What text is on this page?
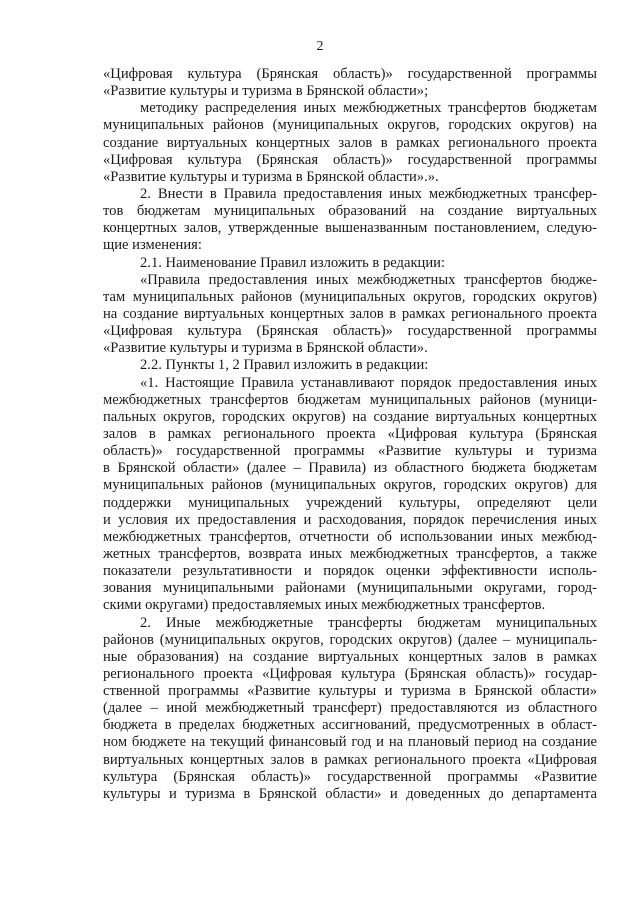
2
«Цифровая культура (Брянская область)» государственной программы
«Развитие культуры и туризма в Брянской области»;
методику распределения иных межбюджетных трансфертов бюджетам
муниципальных районов (муниципальных округов, городских округов) на
создание виртуальных концертных залов в рамках регионального проекта
«Цифровая культура (Брянская область)» государственной программы
«Развитие культуры и туризма в Брянской области».».
2. Внести в Правила предоставления иных межбюджетных трансфер-
тов бюджетам муниципальных образований на создание виртуальных
концертных залов, утвержденные вышеназванным постановлением, следую-
щие изменения:
2.1. Наименование Правил изложить в редакции:
«Правила предоставления иных межбюджетных трансфертов бюдже-
там муниципальных районов (муниципальных округов, городских округов)
на создание виртуальных концертных залов в рамках регионального проекта
«Цифровая культура (Брянская область)» государственной программы
«Развитие культуры и туризма в Брянской области».
2.2. Пункты 1, 2 Правил изложить в редакции:
«1. Настоящие Правила устанавливают порядок предоставления иных
межбюджетных трансфертов бюджетам муниципальных районов (муници-
пальных округов, городских округов) на создание виртуальных концертных
залов в рамках регионального проекта «Цифровая культура (Брянская
область)» государственной программы «Развитие культуры и туризма
в Брянской области» (далее – Правила) из областного бюджета бюджетам
муниципальных районов (муниципальных округов, городских округов) для
поддержки муниципальных учреждений культуры, определяют цели
и условия их предоставления и расходования, порядок перечисления иных
межбюджетных трансфертов, отчетности об использовании иных межбюд-
жетных трансфертов, возврата иных межбюджетных трансфертов, а также
показатели результативности и порядок оценки эффективности исполь-
зования муниципальными районами (муниципальными округами, город-
скими округами) предоставляемых иных межбюджетных трансфертов.
2. Иные межбюджетные трансферты бюджетам муниципальных
районов (муниципальных округов, городских округов) (далее – муниципаль-
ные образования) на создание виртуальных концертных залов в рамках
регионального проекта «Цифровая культура (Брянская область)» государ-
ственной программы «Развитие культуры и туризма в Брянской области»
(далее – иной межбюджетный трансферт) предоставляются из областного
бюджета в пределах бюджетных ассигнований, предусмотренных в област-
ном бюджете на текущий финансовый год и на плановый период на создание
виртуальных концертных залов в рамках регионального проекта «Цифровая
культура (Брянская область)» государственной программы «Развитие
культуры и туризма в Брянской области» и доведенных до департамента
